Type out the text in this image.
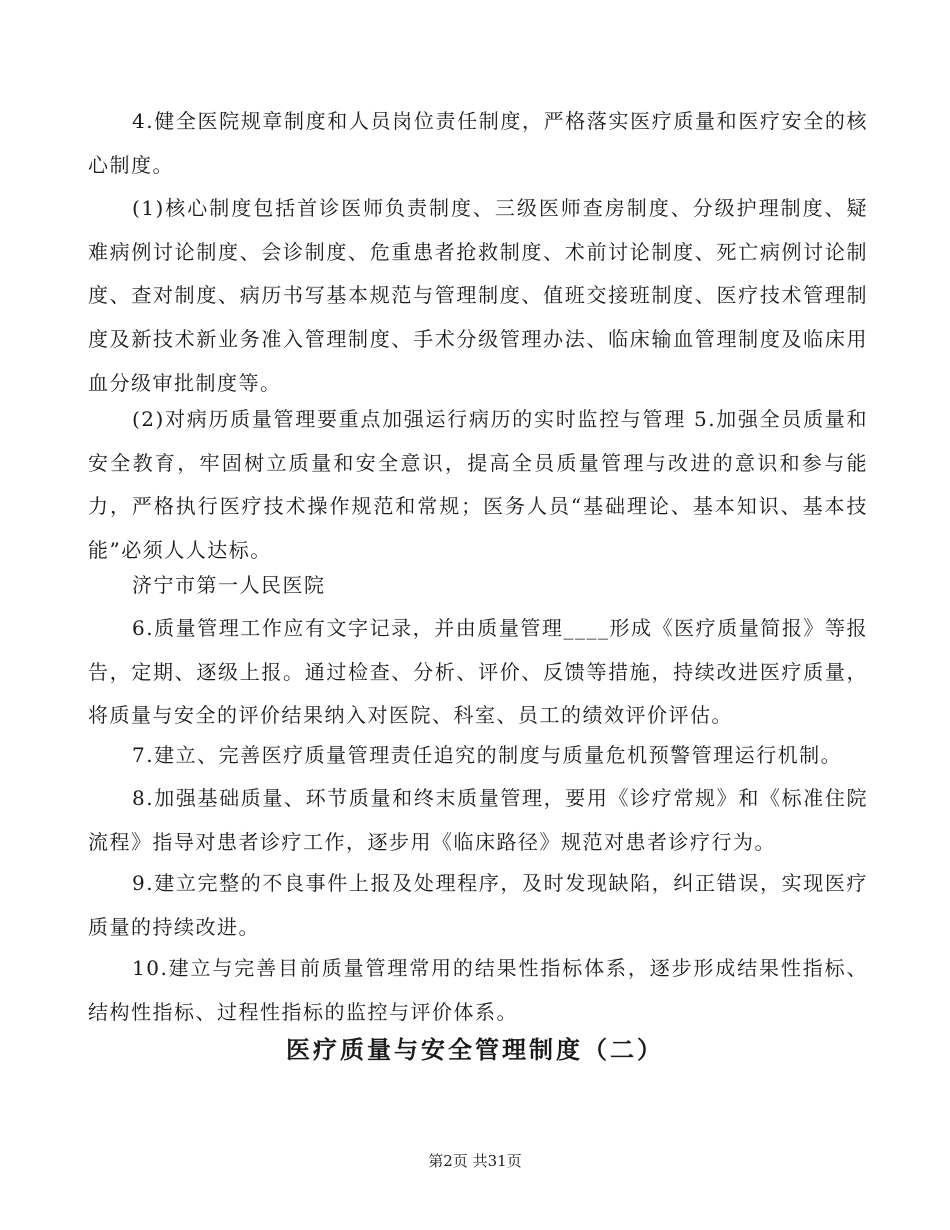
4.健全医院规章制度和人员岗位责任制度，严格落实医疗质量和医疗安全的核心制度。

(1)核心制度包括首诊医师负责制度、三级医师查房制度、分级护理制度、疑难病例讨论制度、会诊制度、危重患者抢救制度、术前讨论制度、死亡病例讨论制度、查对制度、病历书写基本规范与管理制度、值班交接班制度、医疗技术管理制度及新技术新业务准入管理制度、手术分级管理办法、临床输血管理制度及临床用血分级审批制度等。

(2)对病历质量管理要重点加强运行病历的实时监控与管理 5.加强全员质量和安全教育，牢固树立质量和安全意识，提高全员质量管理与改进的意识和参与能力，严格执行医疗技术操作规范和常规；医务人员“基础理论、基本知识、基本技能”必须人人达标。

济宁市第一人民医院

6.质量管理工作应有文字记录，并由质量管理____形成《医疗质量简报》等报告，定期、逐级上报。通过检查、分析、评价、反馈等措施，持续改进医疗质量，将质量与安全的评价结果纳入对医院、科室、员工的绩效评价评估。

7.建立、完善医疗质量管理责任追究的制度与质量危机预警管理运行机制。

8.加强基础质量、环节质量和终末质量管理，要用《诊疗常规》和《标准住院流程》指导对患者诊疗工作，逐步用《临床路径》规范对患者诊疗行为。

9.建立完整的不良事件上报及处理程序，及时发现缺陷，纠正错误，实现医疗质量的持续改进。

10.建立与完善目前质量管理常用的结果性指标体系，逐步形成结果性指标、结构性指标、过程性指标的监控与评价体系。

医疗质量与安全管理制度（二）
第2页 共31页
